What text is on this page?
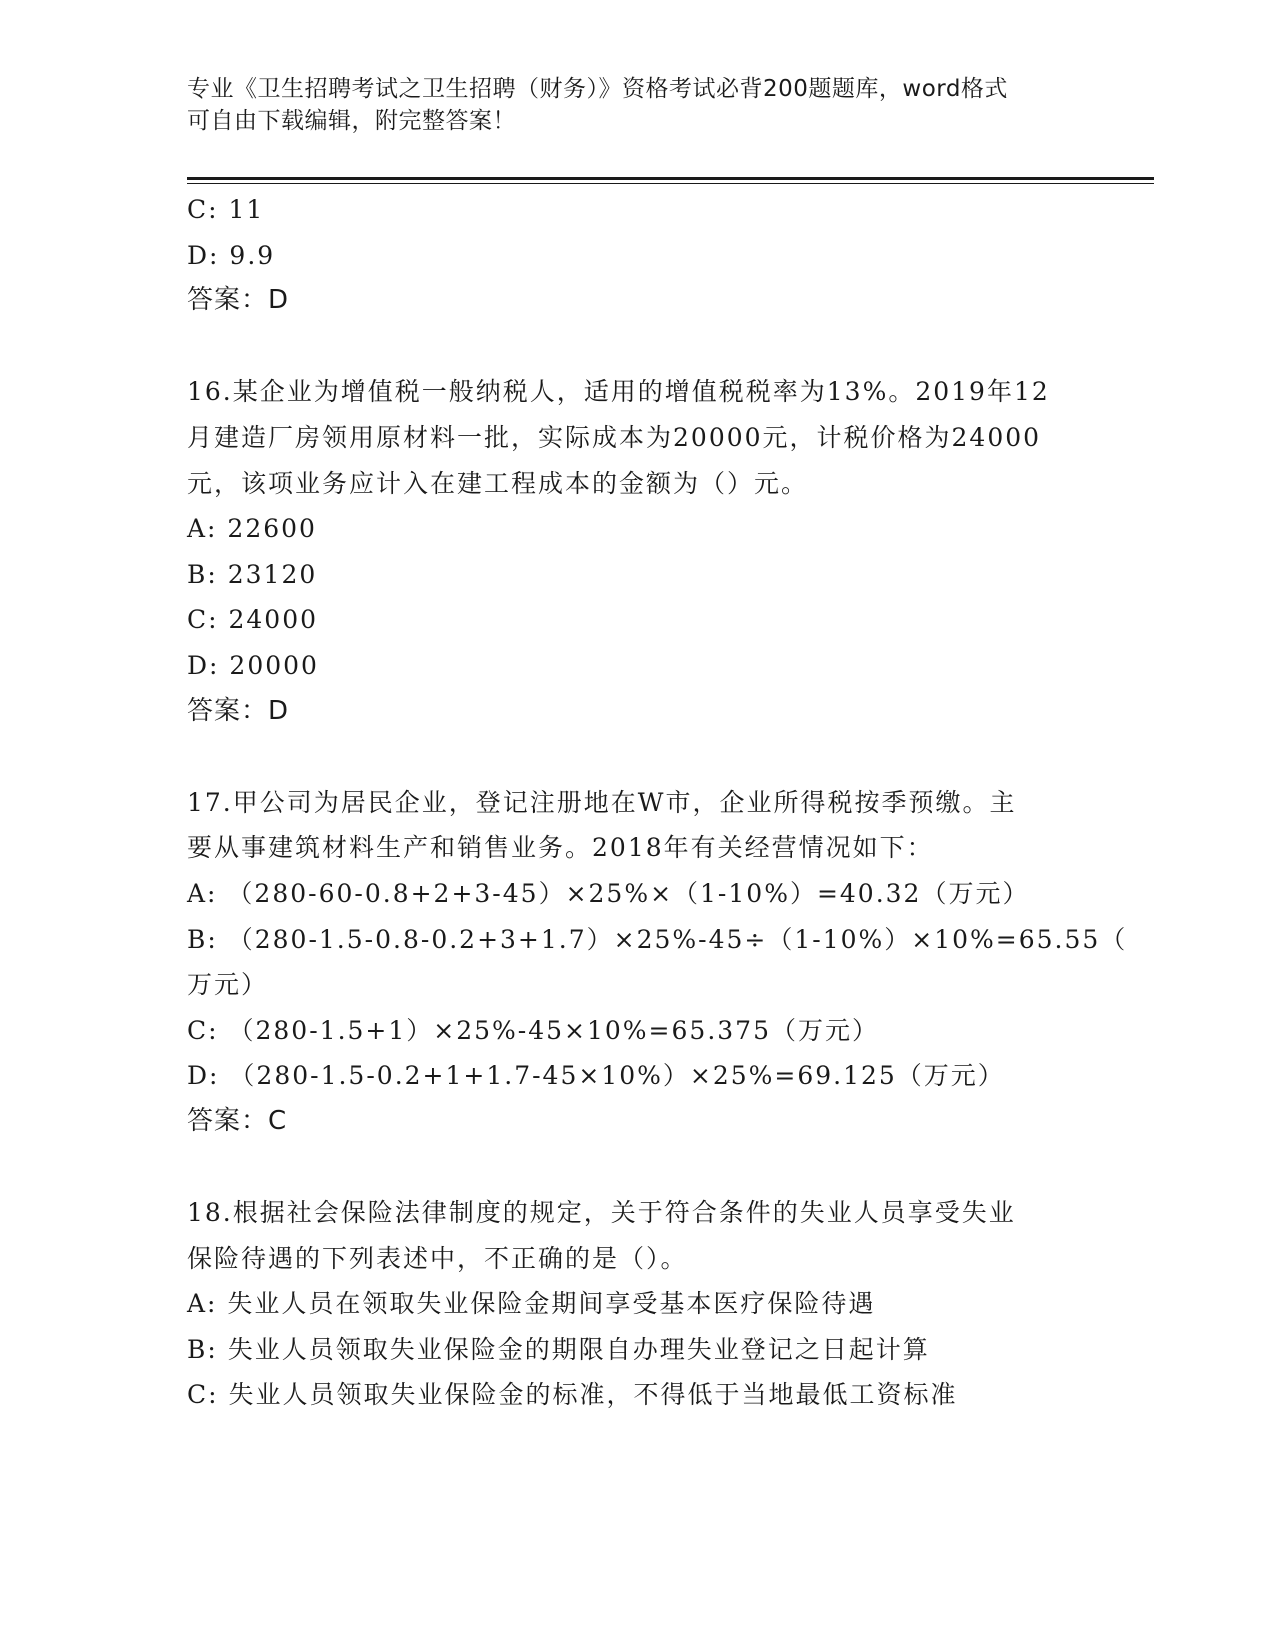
专业《卫生招聘考试之卫生招聘（财务）》资格考试必背200题题库，word格式
可自由下载编辑，附完整答案！
C: 11
D: 9.9
答案：D
16.某企业为增值税一般纳税人，适用的增值税税率为13%。2019年12
月建造厂房领用原材料一批，实际成本为20000元，计税价格为24000
元，该项业务应计入在建工程成本的金额为（）元。
A: 22600
B: 23120
C: 24000
D: 20000
答案：D
17.甲公司为居民企业，登记注册地在W市，企业所得税按季预缴。主
要从事建筑材料生产和销售业务。2018年有关经营情况如下：
A: （280-60-0.8+2+3-45）×25%×（1-10%）=40.32（万元）
B: （280-1.5-0.8-0.2+3+1.7）×25%-45÷（1-10%）×10%=65.55（
万元）
C: （280-1.5+1）×25%-45×10%=65.375（万元）
D: （280-1.5-0.2+1+1.7-45×10%）×25%=69.125（万元）
答案：C
18.根据社会保险法律制度的规定，关于符合条件的失业人员享受失业
保险待遇的下列表述中，不正确的是（）。
A: 失业人员在领取失业保险金期间享受基本医疗保险待遇
B: 失业人员领取失业保险金的期限自办理失业登记之日起计算
C: 失业人员领取失业保险金的标准，不得低于当地最低工资标准
